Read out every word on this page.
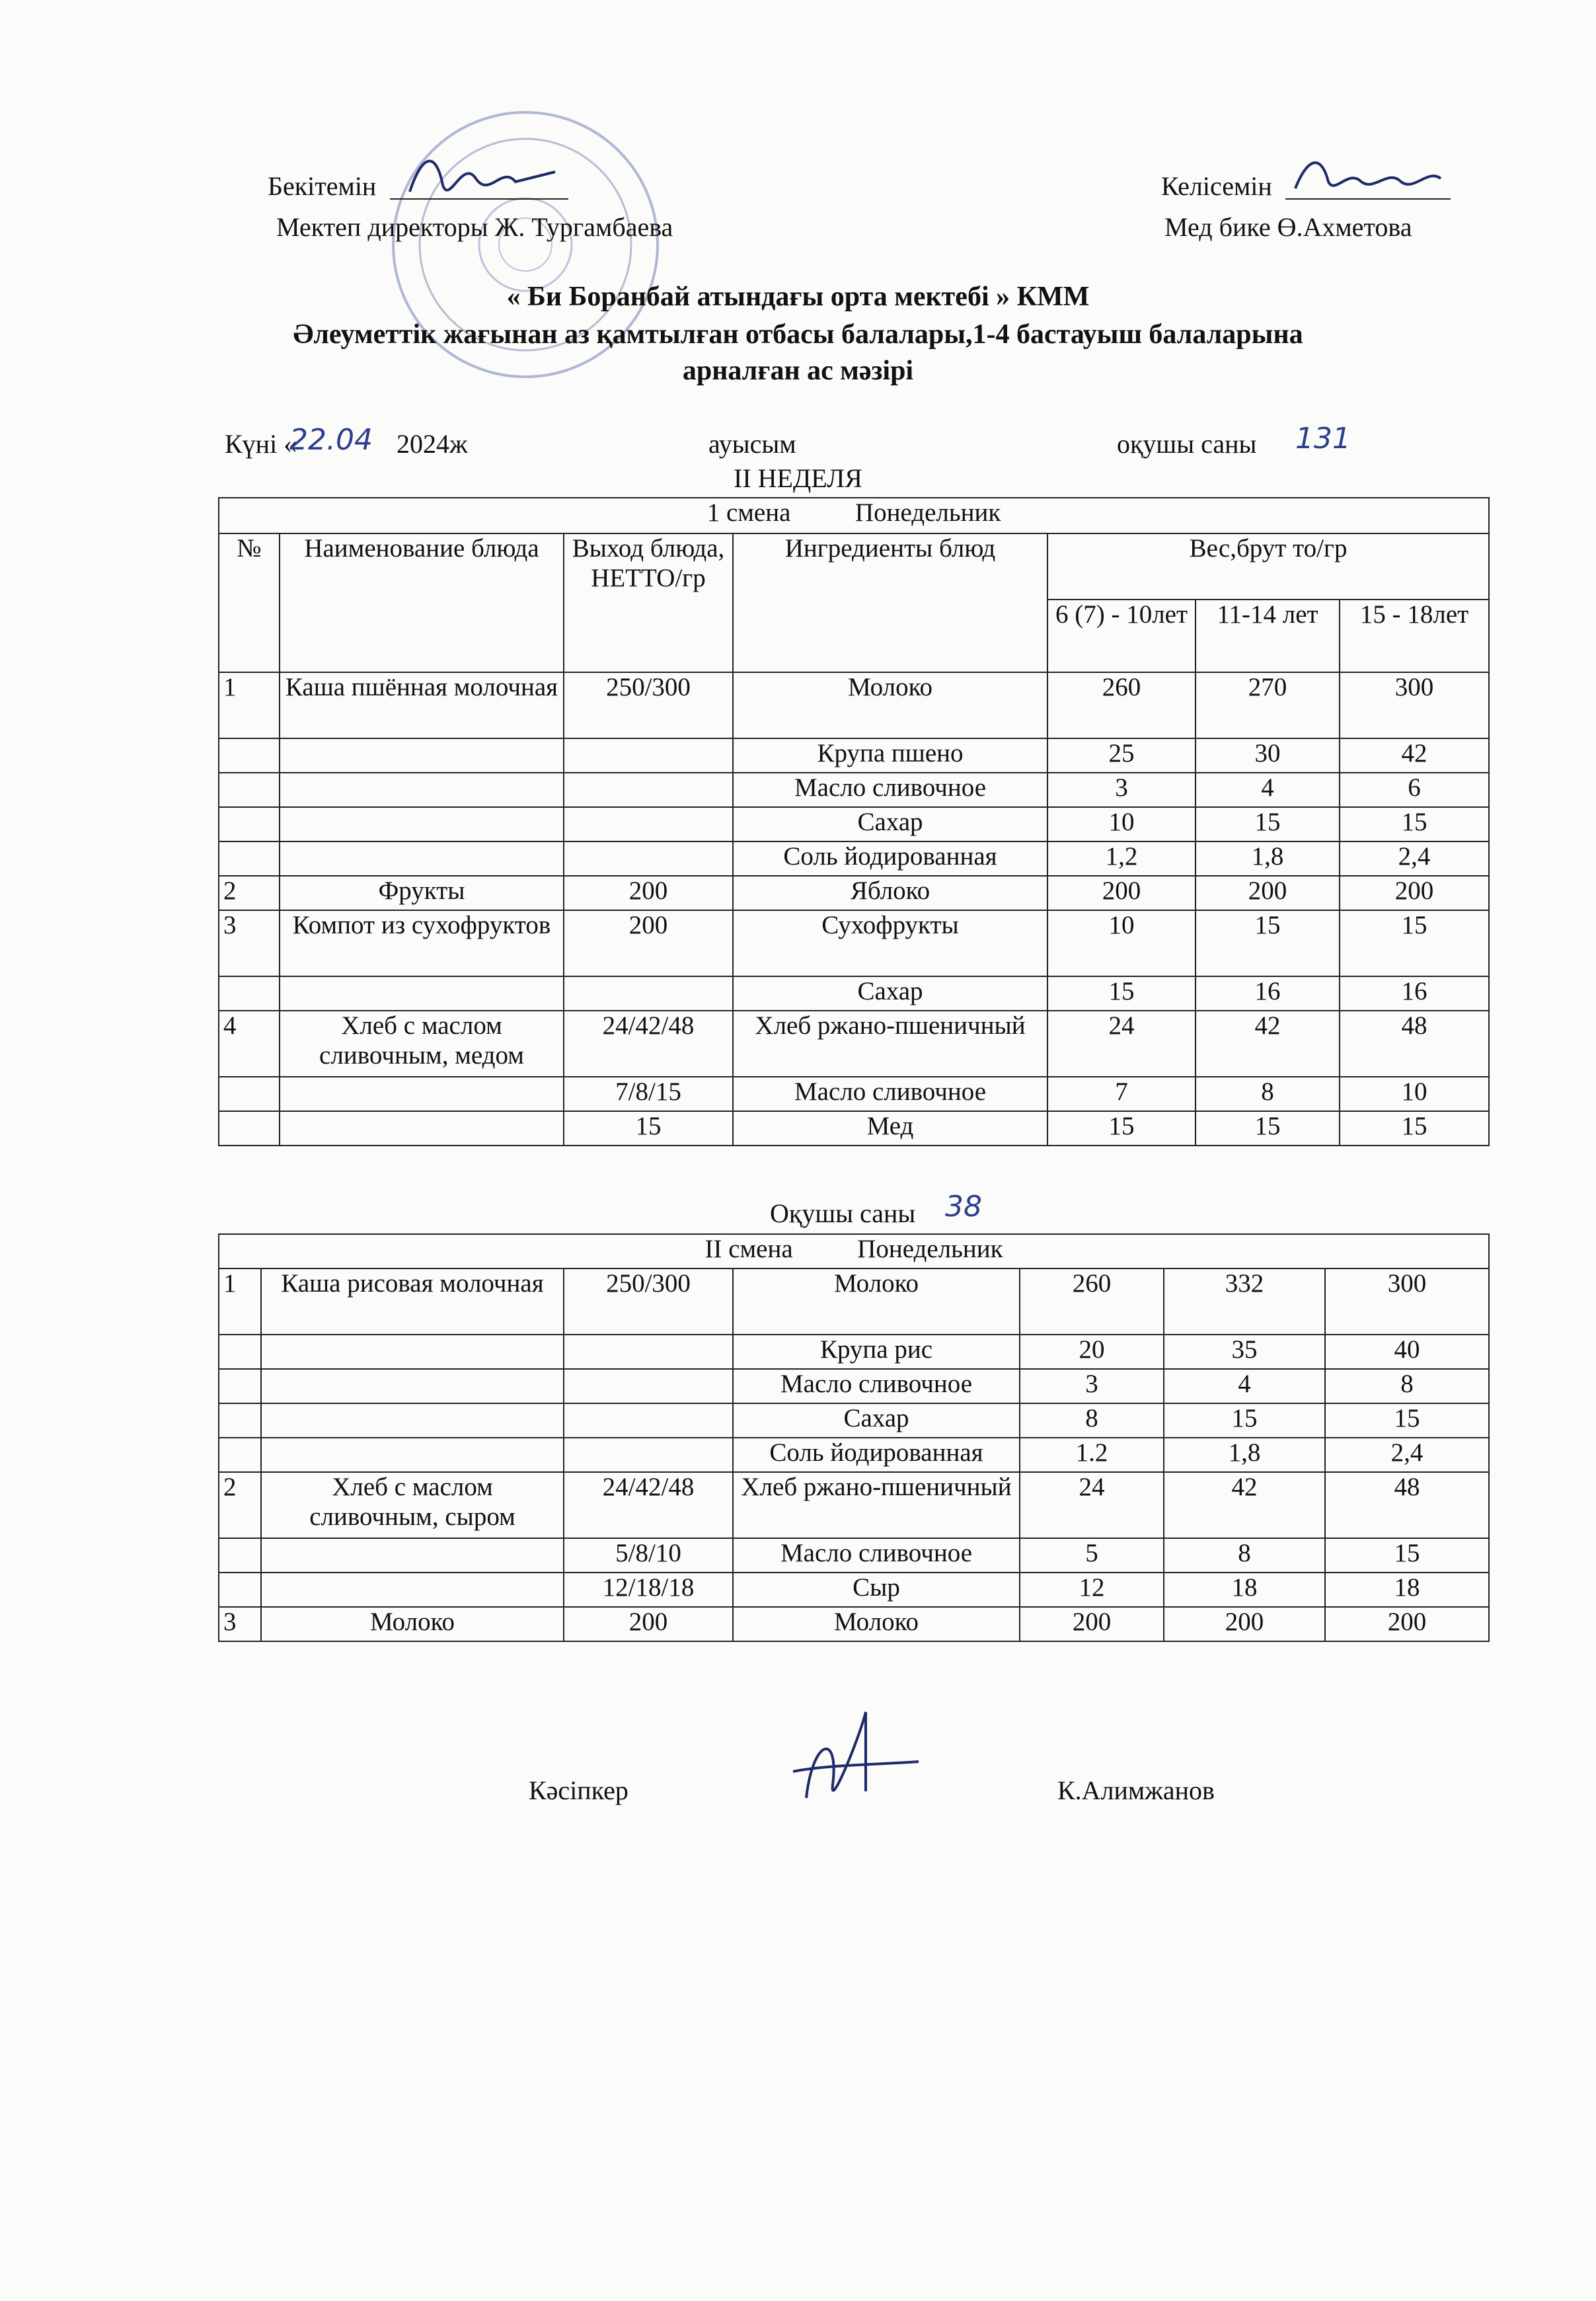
Бекітемін
Мектеп директоры Ж. Тургамбаева
Келісемін
Мед бике Ө.Ахметова
« Би Боранбай атындағы орта мектебі » КММ
Әлеуметтік жағынан аз қамтылған отбасы балалары,1-4 бастауыш балаларына
арналған ас мәзірі
Күні «
22.04 2024ж	ауысым	оқушы саны 131
II НЕДЕЛЯ
1 смена Понедельник						
№	Наименование блюда	Выход блюда, НЕТТО/гр	Ингредиенты блюд	Вес,брут то/гр		
				6 (7) - 10лет	11-14 лет	15 - 18лет
1	Каша пшённая молочная	250/300	Молоко	260	270	300
			Крупа пшено	25	30	42
			Масло сливочное	3	4	6
			Сахар	10	15	15
			Соль йодированная	1,2	1,8	2,4
2	Фрукты	200	Яблоко	200	200	200
3	Компот из сухофруктов	200	Сухофрукты	10	15	15
			Сахар	15	16	16
4	Хлеб с маслом сливочным, медом	24/42/48	Хлеб ржано-пшеничный	24	42	48
		7/8/15	Масло сливочное	7	8	10
		15	Мед	15	15	15
Оқушы саны 38
II смена Понедельник						
1	Каша рисовая молочная	250/300	Молоко	260	332	300
			Крупа рис	20	35	40
			Масло сливочное	3	4	8
			Сахар	8	15	15
			Соль йодированная	1.2	1,8	2,4
2	Хлеб с маслом сливочным, сыром	24/42/48	Хлеб ржано-пшеничный	24	42	48
		5/8/10	Масло сливочное	5	8	15
		12/18/18	Сыр	12	18	18
3	Молоко	200	Молоко	200	200	200
Кәсіпкер	К.Алимжанов
